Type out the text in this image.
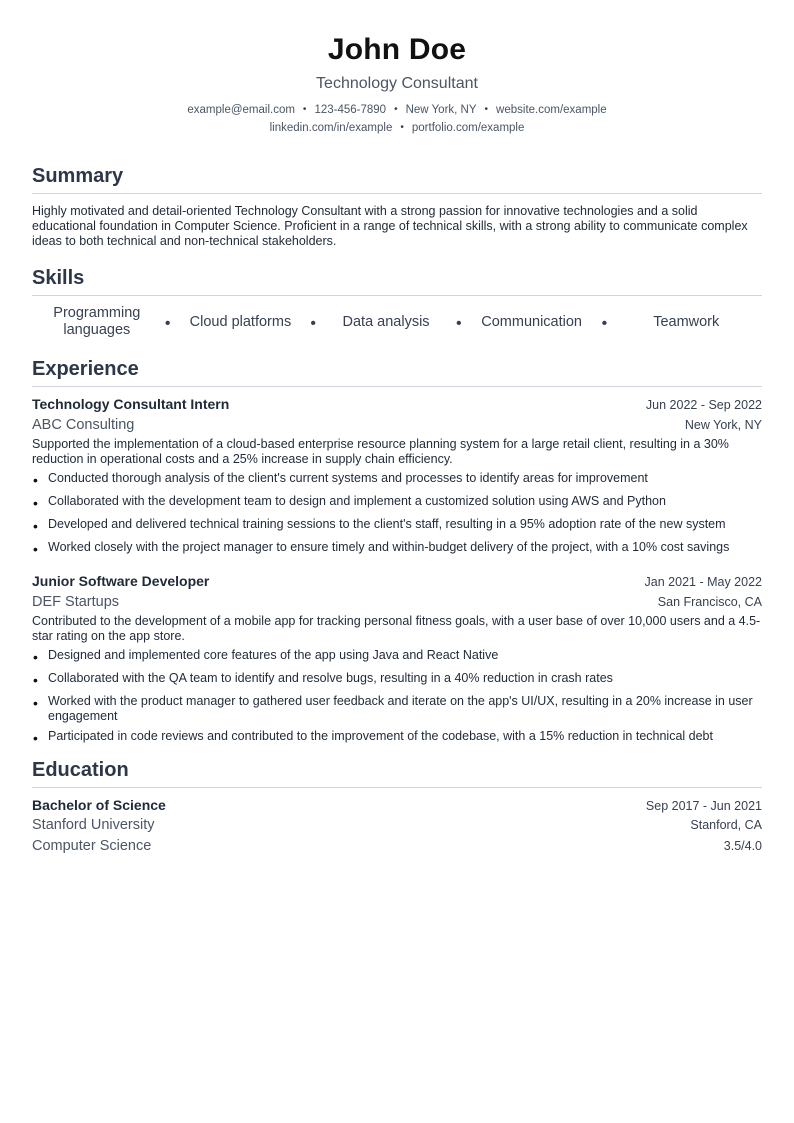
John Doe
Technology Consultant
example@email.com • 123-456-7890 • New York, NY • website.com/example
linkedin.com/in/example • portfolio.com/example
Summary
Highly motivated and detail-oriented Technology Consultant with a strong passion for innovative technologies and a solid educational foundation in Computer Science. Proficient in a range of technical skills, with a strong ability to communicate complex ideas to both technical and non-technical stakeholders.
Skills
Programming languages	•	Cloud platforms	•	Data analysis	•	Communication	•	Teamwork
Experience
Technology Consultant Intern	Jun 2022 - Sep 2022
ABC Consulting	New York, NY
Supported the implementation of a cloud-based enterprise resource planning system for a large retail client, resulting in a 30% reduction in operational costs and a 25% increase in supply chain efficiency.
• Conducted thorough analysis of the client's current systems and processes to identify areas for improvement
• Collaborated with the development team to design and implement a customized solution using AWS and Python
• Developed and delivered technical training sessions to the client's staff, resulting in a 95% adoption rate of the new system
• Worked closely with the project manager to ensure timely and within-budget delivery of the project, with a 10% cost savings
Junior Software Developer	Jan 2021 - May 2022
DEF Startups	San Francisco, CA
Contributed to the development of a mobile app for tracking personal fitness goals, with a user base of over 10,000 users and a 4.5-star rating on the app store.
• Designed and implemented core features of the app using Java and React Native
• Collaborated with the QA team to identify and resolve bugs, resulting in a 40% reduction in crash rates
• Worked with the product manager to gathered user feedback and iterate on the app's UI/UX, resulting in a 20% increase in user engagement
• Participated in code reviews and contributed to the improvement of the codebase, with a 15% reduction in technical debt
Education
Bachelor of Science	Sep 2017 - Jun 2021
Stanford University	Stanford, CA
Computer Science	3.5/4.0
